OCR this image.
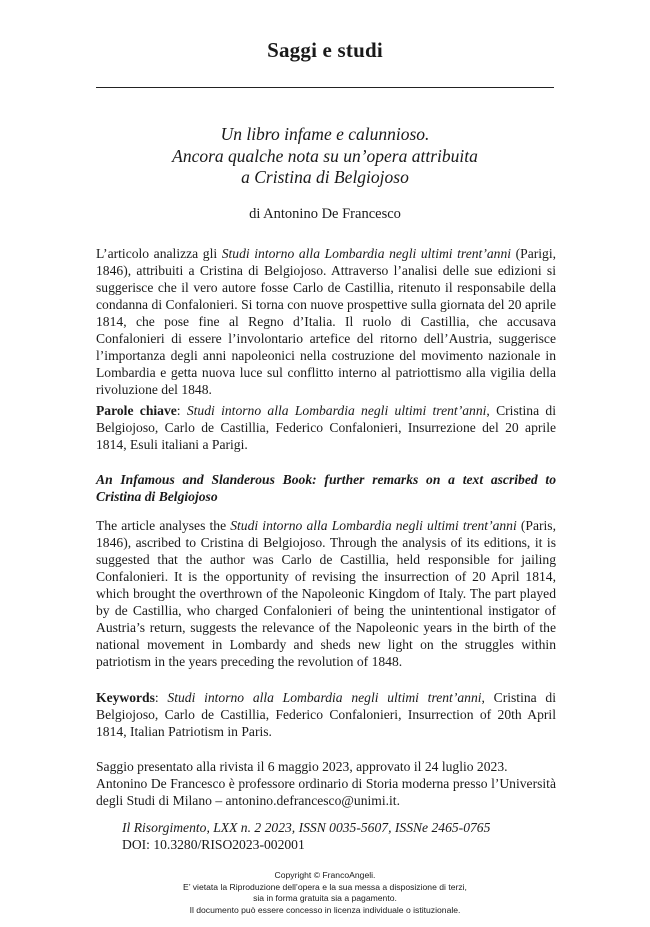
Saggi e studi
Un libro infame e calunnioso.
Ancora qualche nota su un’opera attribuita
a Cristina di Belgiojoso
di Antonino De Francesco
L’articolo analizza gli Studi intorno alla Lombardia negli ultimi trent’anni (Parigi, 1846), attribuiti a Cristina di Belgiojoso. Attraverso l’analisi delle sue edizioni si suggerisce che il vero autore fosse Carlo de Castillia, ritenuto il responsabile della condanna di Confalonieri. Si torna con nuove prospettive sulla giornata del 20 aprile 1814, che pose fine al Regno d’Italia. Il ruolo di Castillia, che accusava Confalonieri di essere l’involontario artefice del ritorno dell’Austria, suggerisce l’importanza degli anni napoleonici nella costruzione del movimento nazionale in Lombardia e getta nuova luce sul conflitto interno al patriottismo alla vigilia della rivoluzione del 1848.
Parole chiave: Studi intorno alla Lombardia negli ultimi trent’anni, Cristina di Belgiojoso, Carlo de Castillia, Federico Confalonieri, Insurrezione del 20 aprile 1814, Esuli italiani a Parigi.
An Infamous and Slanderous Book: further remarks on a text ascribed to Cristina di Belgiojoso
The article analyses the Studi intorno alla Lombardia negli ultimi trent’anni (Paris, 1846), ascribed to Cristina di Belgiojoso. Through the analysis of its editions, it is suggested that the author was Carlo de Castillia, held responsible for jailing Confalonieri. It is the opportunity of revising the insurrection of 20 April 1814, which brought the overthrown of the Napoleonic Kingdom of Italy. The part played by de Castillia, who charged Confalonieri of being the unintentional instigator of Austria’s return, suggests the relevance of the Napoleonic years in the birth of the national movement in Lombardy and sheds new light on the struggles within patriotism in the years preceding the revolution of 1848.
Keywords: Studi intorno alla Lombardia negli ultimi trent’anni, Cristina di Belgiojoso, Carlo de Castillia, Federico Confalonieri, Insurrection of 20th April 1814, Italian Patriotism in Paris.
Saggio presentato alla rivista il 6 maggio 2023, approvato il 24 luglio 2023.
Antonino De Francesco è professore ordinario di Storia moderna presso l’Università degli Studi di Milano – antonino.defrancesco@unimi.it.
Il Risorgimento, LXX n. 2 2023, ISSN 0035-5607, ISSNe 2465-0765
DOI: 10.3280/RISO2023-002001
Copyright © FrancoAngeli.
E’ vietata la Riproduzione dell’opera e la sua messa a disposizione di terzi,
sia in forma gratuita sia a pagamento.
Il documento può essere concesso in licenza individuale o istituzionale.
